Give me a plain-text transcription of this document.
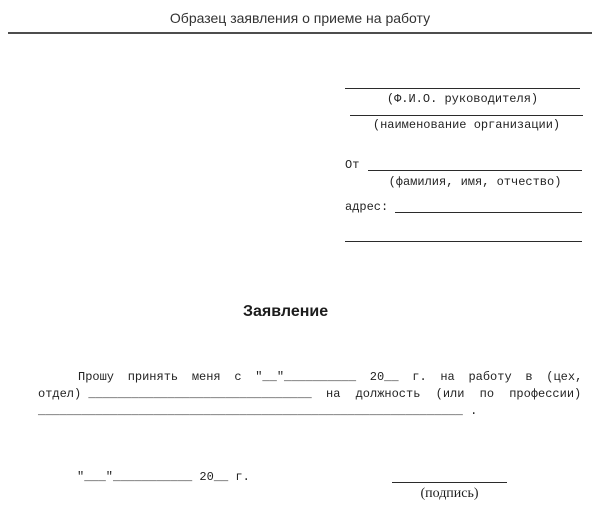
Образец заявления о приеме на работу
(Ф.И.О. руководителя)
(наименование организации)
От
(фамилия, имя, отчество)
адрес:
Заявление
Прошу принять меня с "__"__________ 20__ г. на работу в (цех,
отдел) _______________________________ на должность (или по профессии)
___________________________________________________________ .
"___"___________ 20__ г.
(подпись)
